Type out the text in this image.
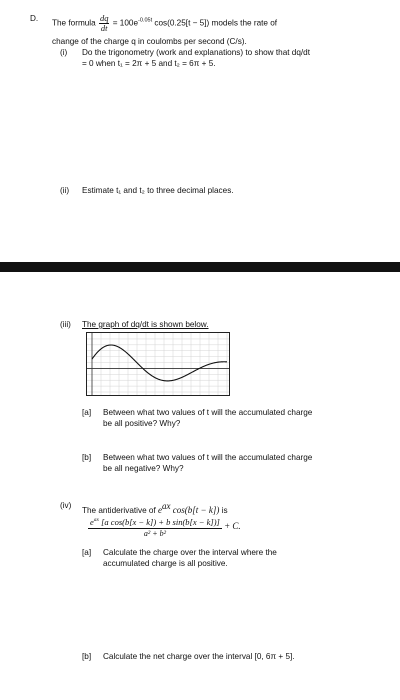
D.
The formula $\frac{dq}{dt} = 100e^{-0.05t}$ cos(0.25[t − 5]) models the rate of
change of the charge q in coulombs per second (C/s).
(i) Do the trigonometry (work and explanations) to show that dq/dt
= 0 when t₁ = 2π + 5 and t₂ = 6π + 5.
(ii) Estimate t₁ and t₂ to three decimal places.
(iii) The graph of dq/dt is shown below.
[a] Between what two values of t will the accumulated charge
be all positive? Why?
[b] Between what two values of t will the accumulated charge
be all negative? Why?
(iv)
The antiderivative of $e^{ax}$ cos(b[t − k]) is
$\frac{e^{ax} [a \cos(b[x - k]) + b \sin(b[x - k])]}{\text{a² + b²}} + C$.
[a] Calculate the charge over the interval where the
accumulated charge is all positive.
[b] Calculate the net charge over the interval [0, 6π + 5].
